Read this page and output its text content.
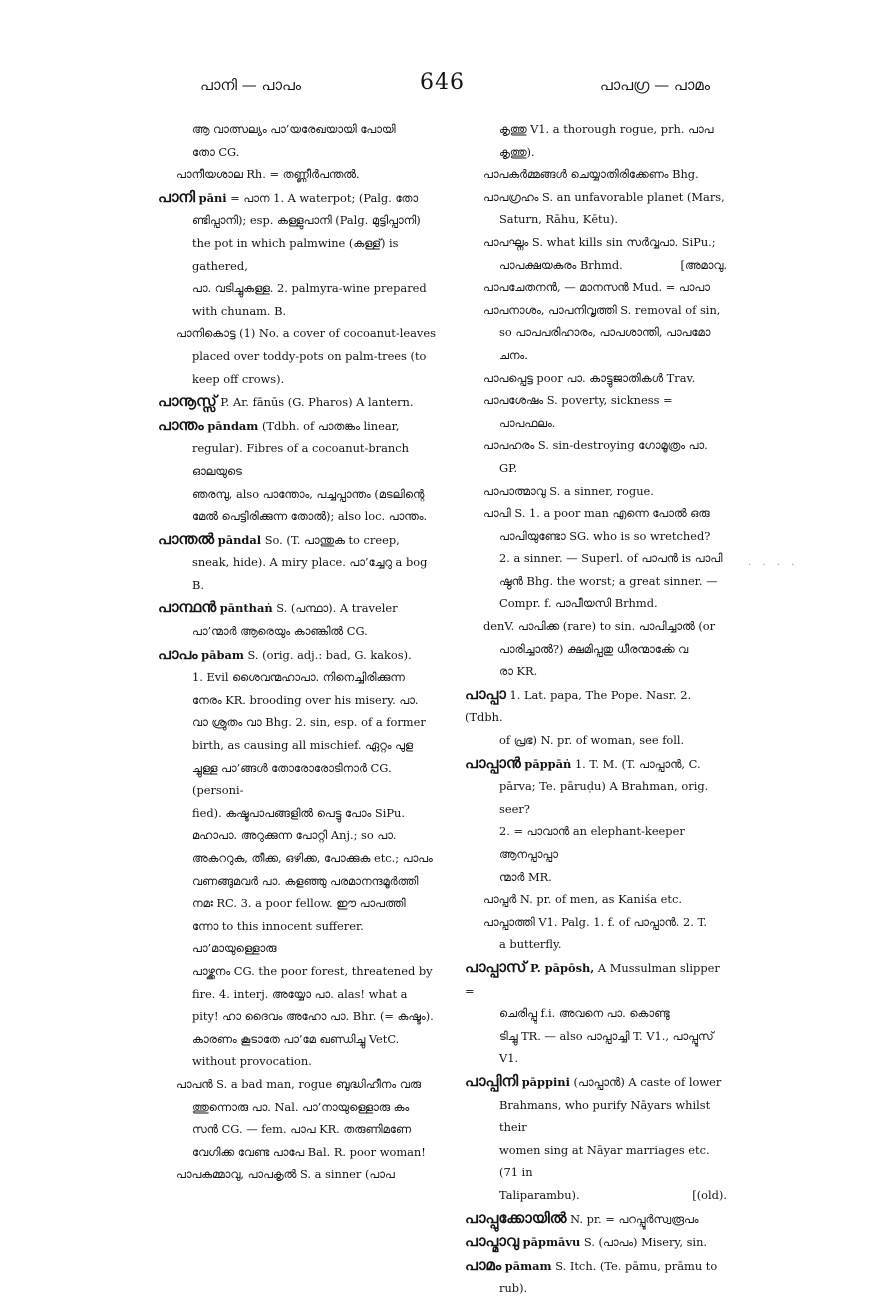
പാനി — പാപം	646	പാപഗ്ര — പാമം

ആ വാത്സല്യം പാ’യരേഖയായി പോയി

തോ CG.

പാനീയശാല Rh. = തണ്ണീർപന്തൽ.

പാനി pāni = പാന 1. A waterpot; (Palg. തോ

ണ്ടിപ്പാനി); esp. കള്ളുപാനി (Palg. മുട്ടിപ്പാനി)

the pot in which palmwine (കള്ള്) is gathered,

പാ. വടിച്ചുകള്ള. 2. palmyra-wine prepared

with chunam. B.

പാനികൊട്ട (1) No. a cover of cocoanut-leaves

placed over toddy-pots on palm-trees (to

keep off crows).

പാനൂസ്സ് P. Ar. fānūs (G. Pharos) A lantern.

പാന്തം pāndam (Tdbh. of പാതങ്കം linear,

regular). Fibres of a cocoanut-branch ഓലയുടെ

ഞരമ്പു, also പാന്തോം, പച്ചപ്പാന്തം (മടലിന്റെ

മേൽ പെട്ടിരിക്കുന്ന തോൽ); also loc. പാന്തം.

പാന്തൽ pāndal So. (T. പാന്തുക to creep,

sneak, hide). A miry place. പാ’ച്ചേറു a bog B.

പാന്ഥൻ pānthaṅ S. (പന്ഥാ). A traveler

പാ’ന്മാർ ആരെയും കാണ്കിൽ CG.

പാപം pābam S. (orig. adj.: bad, G. kakos).

1. Evil ശൈവന്മഹാപാ. നിനെച്ചിരിക്കുന്ന

നേരം KR. brooding over his misery. പാ.

വാ ശ്രുതം വാ Bhg. 2. sin, esp. of a former

birth, as causing all mischief. ഏറ്റം പുള

ച്ചുള്ള പാ’ങ്ങൾ തോരോരോടിനാർ CG. (personi-

fied). കഷ്ടപാപങ്ങളിൽ പെട്ടു പോം SiPu.

മഹാപാ. അറുക്കുന്ന പോറ്റി Anj.; so പാ.

അകററുക, തീക്ക, ഒഴിക്ക, പോക്കുക etc.; പാപം

വണങ്ങുമവർ പാ. കളഞ്ഞു പരമാനന്ദമൂർത്തി

നമഃ RC. 3. a poor fellow. ഈ പാപത്തി

ന്നോ to this innocent sufferer. പാ’മായുള്ളൊരു

പാഴ്ക്കനം CG. the poor forest, threatened by

fire. 4. interj. അയ്യോ പാ. alas! what a

pity! ഹാ ദൈവം അഹോ പാ. Bhr. (= കഷ്ടം).

കാരണം കൂടാതേ പാ’മേ ഖണ്ഡിച്ചു VetC.

without provocation.

പാപൻ S. a bad man, rogue ബുദ്ധിഹീനം വരു

ത്തുന്നൊരു പാ. Nal. പാ’നായുള്ളൊരു കം

സൻ CG. — fem. പാപ KR. തരുണിമണേ

വേഗിക്ക വേണ്ട പാപേ Bal. R. poor woman!

പാപകമ്മാവു, പാപകൃൽ S. a sinner (പാപ

കൃത്തു V1. a thorough rogue, prh. പാപ

കൃത്തു).

പാപകർമ്മങ്ങൾ ചെയ്യാതിരിക്കേണം Bhg.

പാപഗ്രഹം S. an unfavorable planet (Mars,

Saturn, Rāhu, Kētu).

പാപഘ്നം S. what kills sin സർവ്വപാ. SiPu.;

പാപക്ഷയകരം Brhmd.	[അമാവു.

പാപചേതനൻ, — മാനസൻ Mud. = പാപാ

പാപനാശം, പാപനിവൃത്തി S. removal of sin,

so പാപപരിഹാരം, പാപശാന്തി, പാപമോ

ചനം.

പാപപ്പെട്ട poor പാ. കാട്ടുജാതികൾ Trav.

പാപശേഷം S. poverty, sickness = പാപഫലം.

പാപഹരം S. sin-destroying ഗോമൂത്രം പാ. GP.

പാപാത്മാവു S. a sinner, rogue.

പാപി S. 1. a poor man എന്നെ പോൽ ഒരു

പാപിയുണ്ടോ SG. who is so wretched?

2. a sinner. — Superl. of പാപൻ is പാപി

ഷ്ഠൻ Bhg. the worst; a great sinner. —

Compr. f. പാപീയസി Brhmd.

denV. പാപിക്ക (rare) to sin. പാപിച്ചാൽ (or

പാരിച്ചാൽ?) ക്ഷമിപ്പതു ധീരന്മാൎക്കേ വ

രാ KR.

പാപ്പാ 1. Lat. papa, The Pope. Nasr. 2. (Tdbh.

of പ്രഭ) N. pr. of woman, see foll.

പാപ്പാൻ pāppāṅ 1. T. M. (T. പാപ്പാൻ, C.

pārva; Te. pāruḍu) A Brahman, orig. seer?

2. = പാവാൻ an elephant-keeper ആനപ്പാപ്പാ

ന്മാർ MR.

പാപ്പർ N. pr. of men, as Kaniśa etc.

പാപ്പാത്തി V1. Palg. 1. f. of പാപ്പാൻ. 2. T.

a butterfly.

പാപ്പാസ് P. pāpōsh, A Mussulman slipper =

ചെരിപ്പു f.i. അവനെ പാ. കൊണ്ടു

ടിച്ചു TR. — also പാപ്പാച്ചി T. V1., പാപ്പൂസ് V1.

പാപ്പിനി pāppini (പാപ്പാൻ) A caste of lower

Brahmans, who purify Nāyars whilst their

women sing at Nāyar marriages etc. (71 in

Taliparambu).	[(old).

പാപ്പുക്കോയിൽ N. pr. = പറപ്പൂർസ്വരൂപം

പാപ്മാവു pāpmāvu S. (പാപം) Misery, sin.

പാമം pāmam S. Itch. (Te. pāmu, prāmu to

rub).

· · · ·
